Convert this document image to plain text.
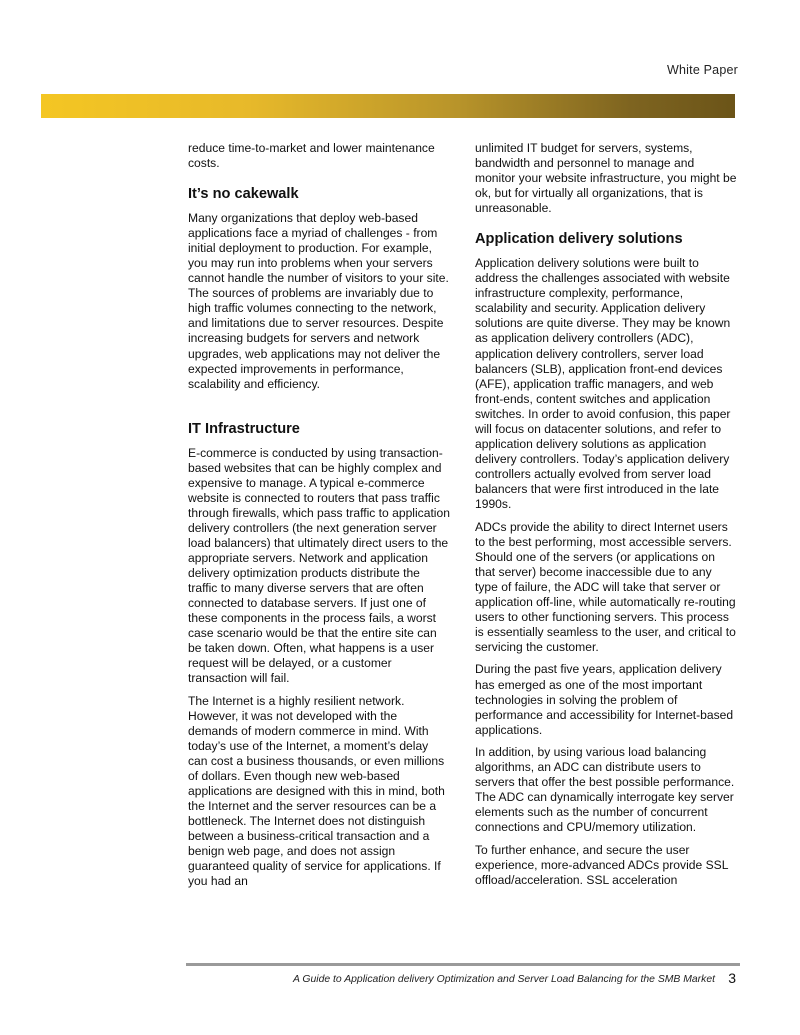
White Paper

reduce time-to-market and lower maintenance costs.

It’s no cakewalk

Many organizations that deploy web-based applications face a myriad of challenges - from initial deployment to production. For example, you may run into problems when your servers cannot handle the number of visitors to your site. The sources of problems are invariably due to high traffic volumes connecting to the network, and limitations due to server resources. Despite increasing budgets for servers and network upgrades, web applications may not deliver the expected improvements in performance, scalability and efficiency.

IT Infrastructure

E-commerce is conducted by using transaction-based websites that can be highly complex and expensive to manage. A typical e-commerce website is connected to routers that pass traffic through firewalls, which pass traffic to application delivery controllers (the next generation server load balancers) that ultimately direct users to the appropriate servers. Network and application delivery optimization products distribute the traffic to many diverse servers that are often connected to database servers. If just one of these components in the process fails, a worst case scenario would be that the entire site can be taken down. Often, what happens is a user request will be delayed, or a customer transaction will fail.

The Internet is a highly resilient network. However, it was not developed with the demands of modern commerce in mind. With today’s use of the Internet, a moment’s delay can cost a business thousands, or even millions of dollars. Even though new web-based applications are designed with this in mind, both the Internet and the server resources can be a bottleneck. The Internet does not distinguish between a business-critical transaction and a benign web page, and does not assign guaranteed quality of service for applications. If you had an

unlimited IT budget for servers, systems, bandwidth and personnel to manage and monitor your website infrastructure, you might be ok, but for virtually all organizations, that is unreasonable.

Application delivery solutions

Application delivery solutions were built to address the challenges associated with website infrastructure complexity, performance, scalability and security. Application delivery solutions are quite diverse. They may be known as application delivery controllers (ADC), application delivery controllers, server load balancers (SLB), application front-end devices (AFE), application traffic managers, and web front-ends, content switches and application switches. In order to avoid confusion, this paper will focus on datacenter solutions, and refer to application delivery solutions as application delivery controllers. Today’s application delivery controllers actually evolved from server load balancers that were first introduced in the late 1990s.

ADCs provide the ability to direct Internet users to the best performing, most accessible servers. Should one of the servers (or applications on that server) become inaccessible due to any type of failure, the ADC will take that server or application off-line, while automatically re-routing users to other functioning servers. This process is essentially seamless to the user, and critical to servicing the customer.

During the past five years, application delivery has emerged as one of the most important technologies in solving the problem of performance and accessibility for Internet-based applications.

In addition, by using various load balancing algorithms, an ADC can distribute users to servers that offer the best possible performance. The ADC can dynamically interrogate key server elements such as the number of concurrent connections and CPU/memory utilization.

To further enhance, and secure the user experience, more-advanced ADCs provide SSL offload/acceleration. SSL acceleration

A Guide to Application delivery Optimization and Server Load Balancing for the SMB Market 3
